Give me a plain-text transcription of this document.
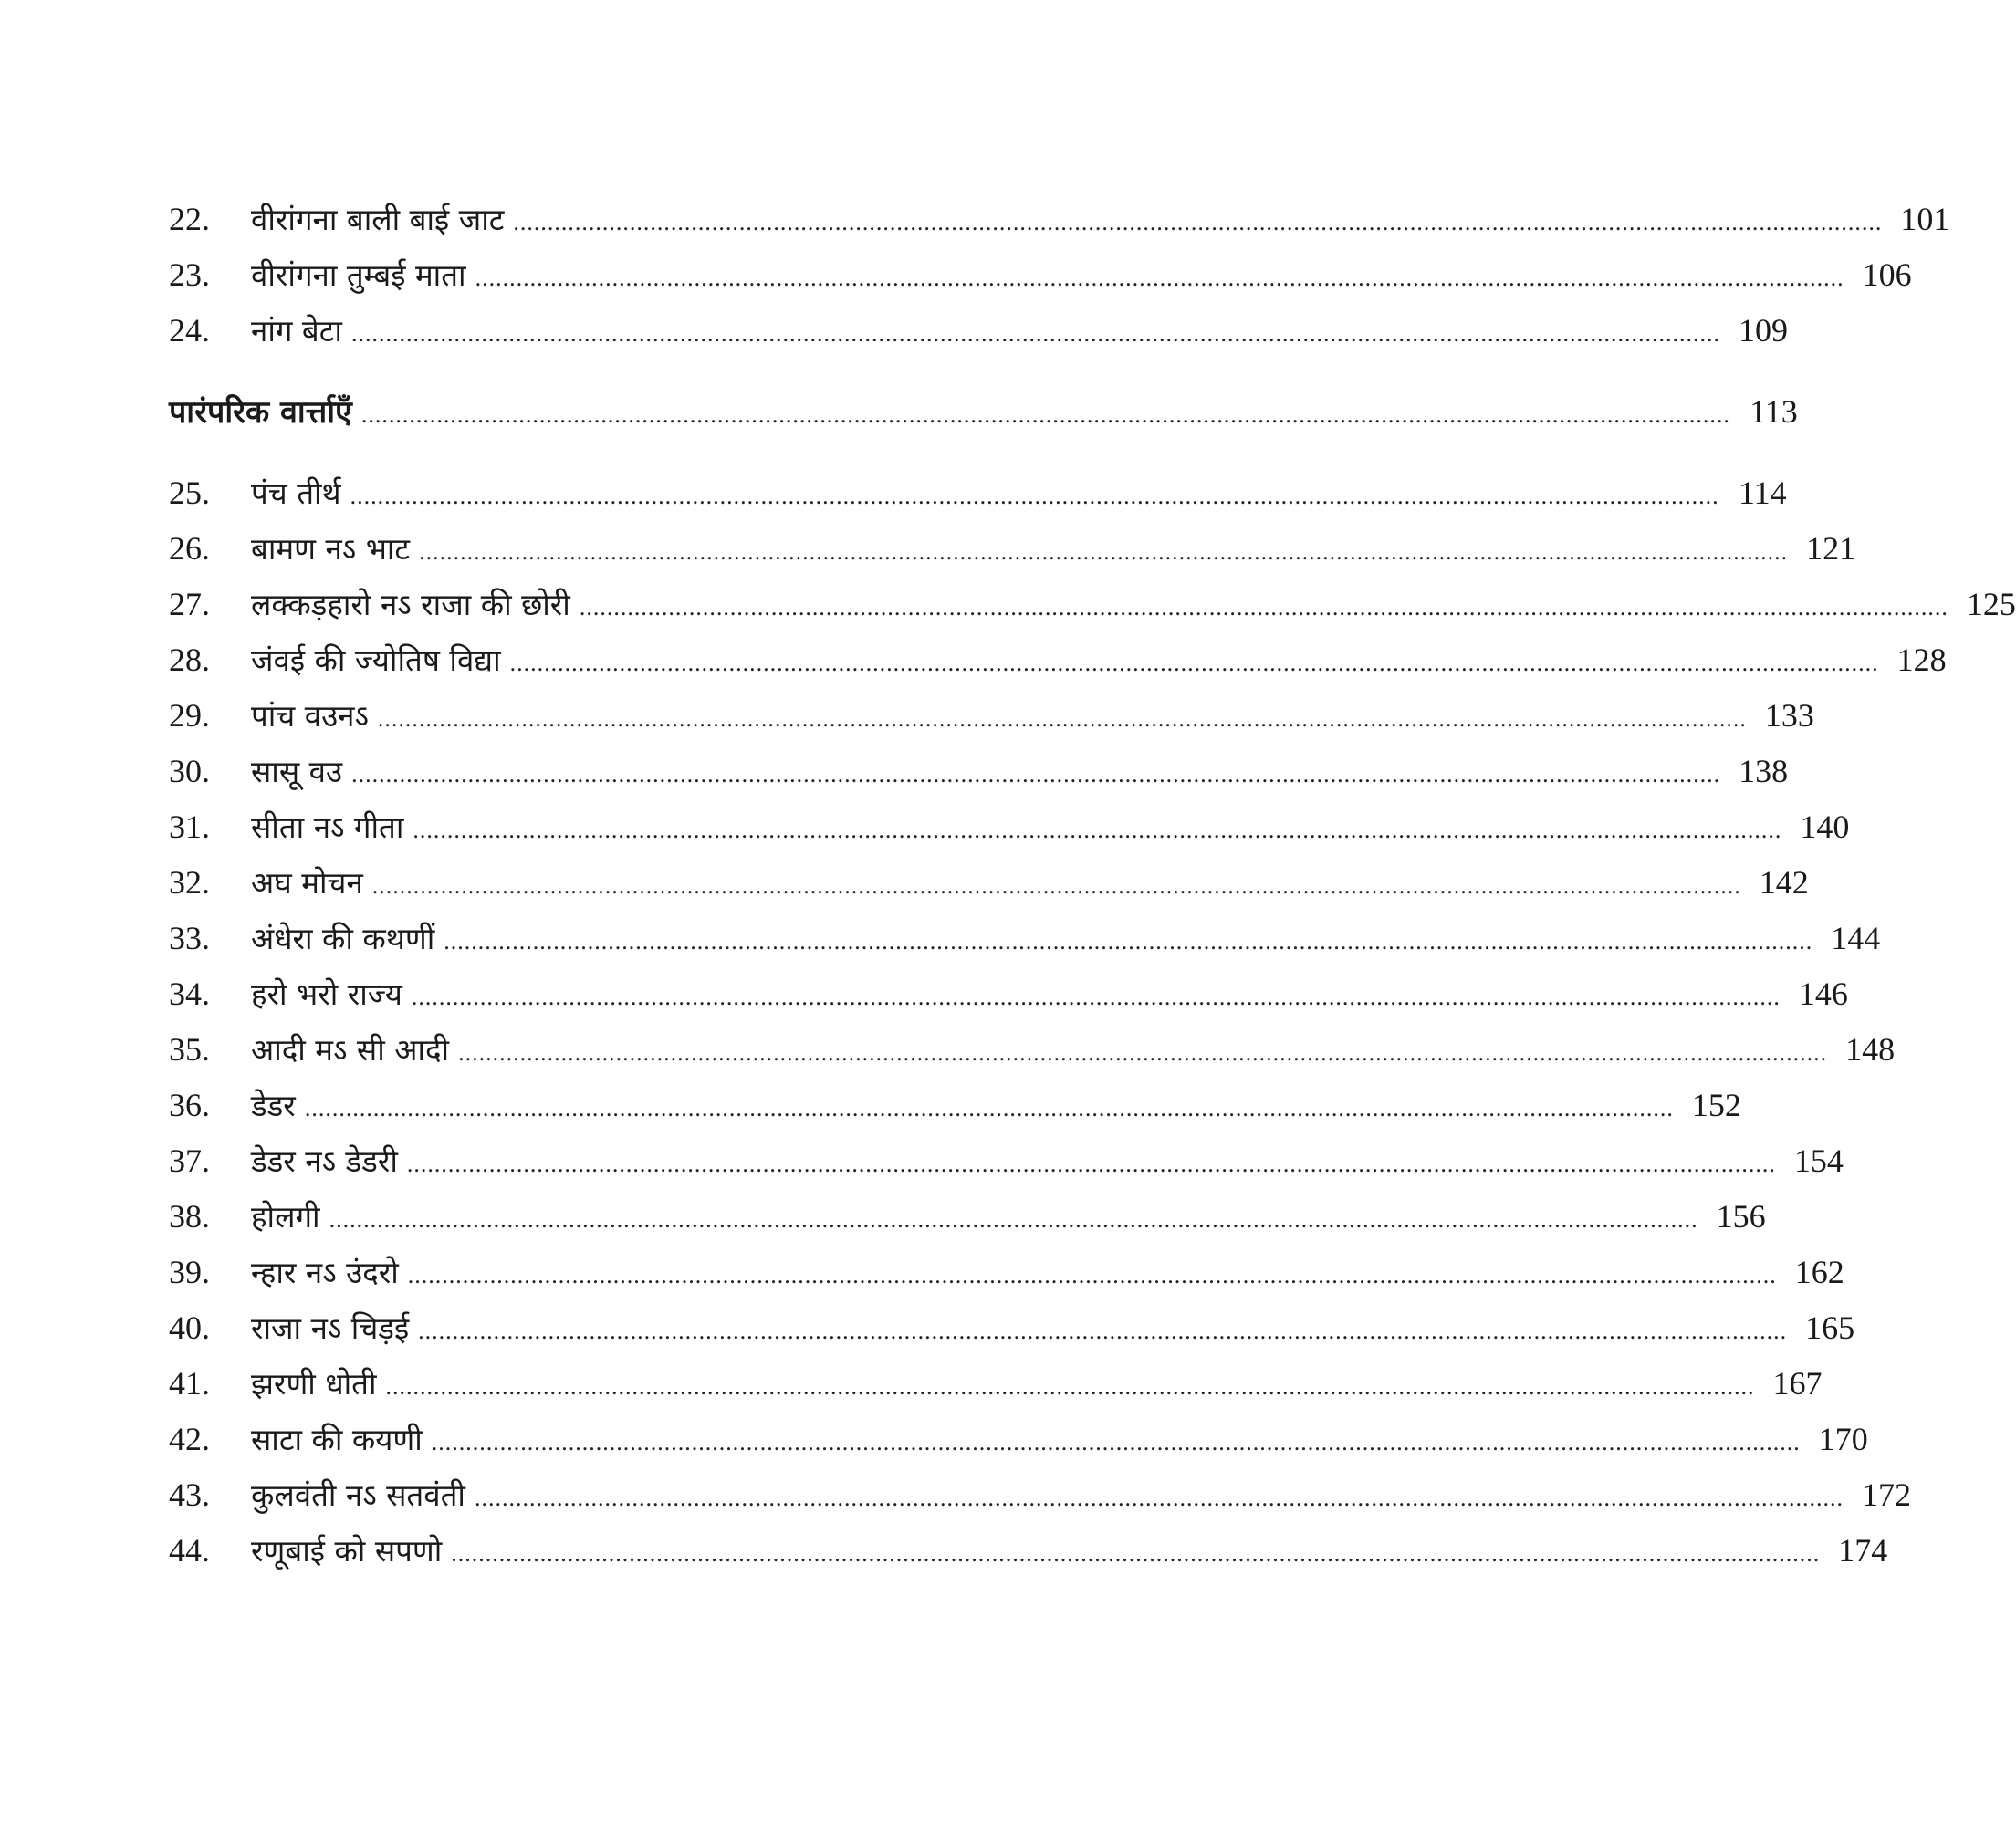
22.	वीरांगना बाली बाई जाट ........................................................................................................................................................................................................ 101
23.	वीरांगना तुम्बई माता ........................................................................................................................................................................................................ 106
24.	नांग बेटा ........................................................................................................................................................................................................ 109
पारंपरिक वार्त्ताएँ ........................................................................................................................................................................................................ 113
25.	पंच तीर्थ ........................................................................................................................................................................................................ 114
26.	बामण नऽ भाट ........................................................................................................................................................................................................ 121
27.	लक्कड़हारो नऽ राजा की छोरी ........................................................................................................................................................................................................ 125
28.	जंवई की ज्योतिष विद्या ........................................................................................................................................................................................................ 128
29.	पांच वउनऽ ........................................................................................................................................................................................................ 133
30.	सासू वउ ........................................................................................................................................................................................................ 138
31.	सीता नऽ गीता ........................................................................................................................................................................................................ 140
32.	अघ मोचन ........................................................................................................................................................................................................ 142
33.	अंधेरा की कथणीं ........................................................................................................................................................................................................ 144
34.	हरो भरो राज्य ........................................................................................................................................................................................................ 146
35.	आदी मऽ सी आदी ........................................................................................................................................................................................................ 148
36.	डेडर ........................................................................................................................................................................................................ 152
37.	डेडर नऽ डेडरी ........................................................................................................................................................................................................ 154
38.	होलगी ........................................................................................................................................................................................................ 156
39.	न्हार नऽ उंदरो ........................................................................................................................................................................................................ 162
40.	राजा नऽ चिड़ई ........................................................................................................................................................................................................ 165
41.	झरणी धोती ........................................................................................................................................................................................................ 167
42.	साटा की कयणी ........................................................................................................................................................................................................ 170
43.	कुलवंती नऽ सतवंती ........................................................................................................................................................................................................ 172
44.	रणूबाई को सपणो ........................................................................................................................................................................................................ 174
